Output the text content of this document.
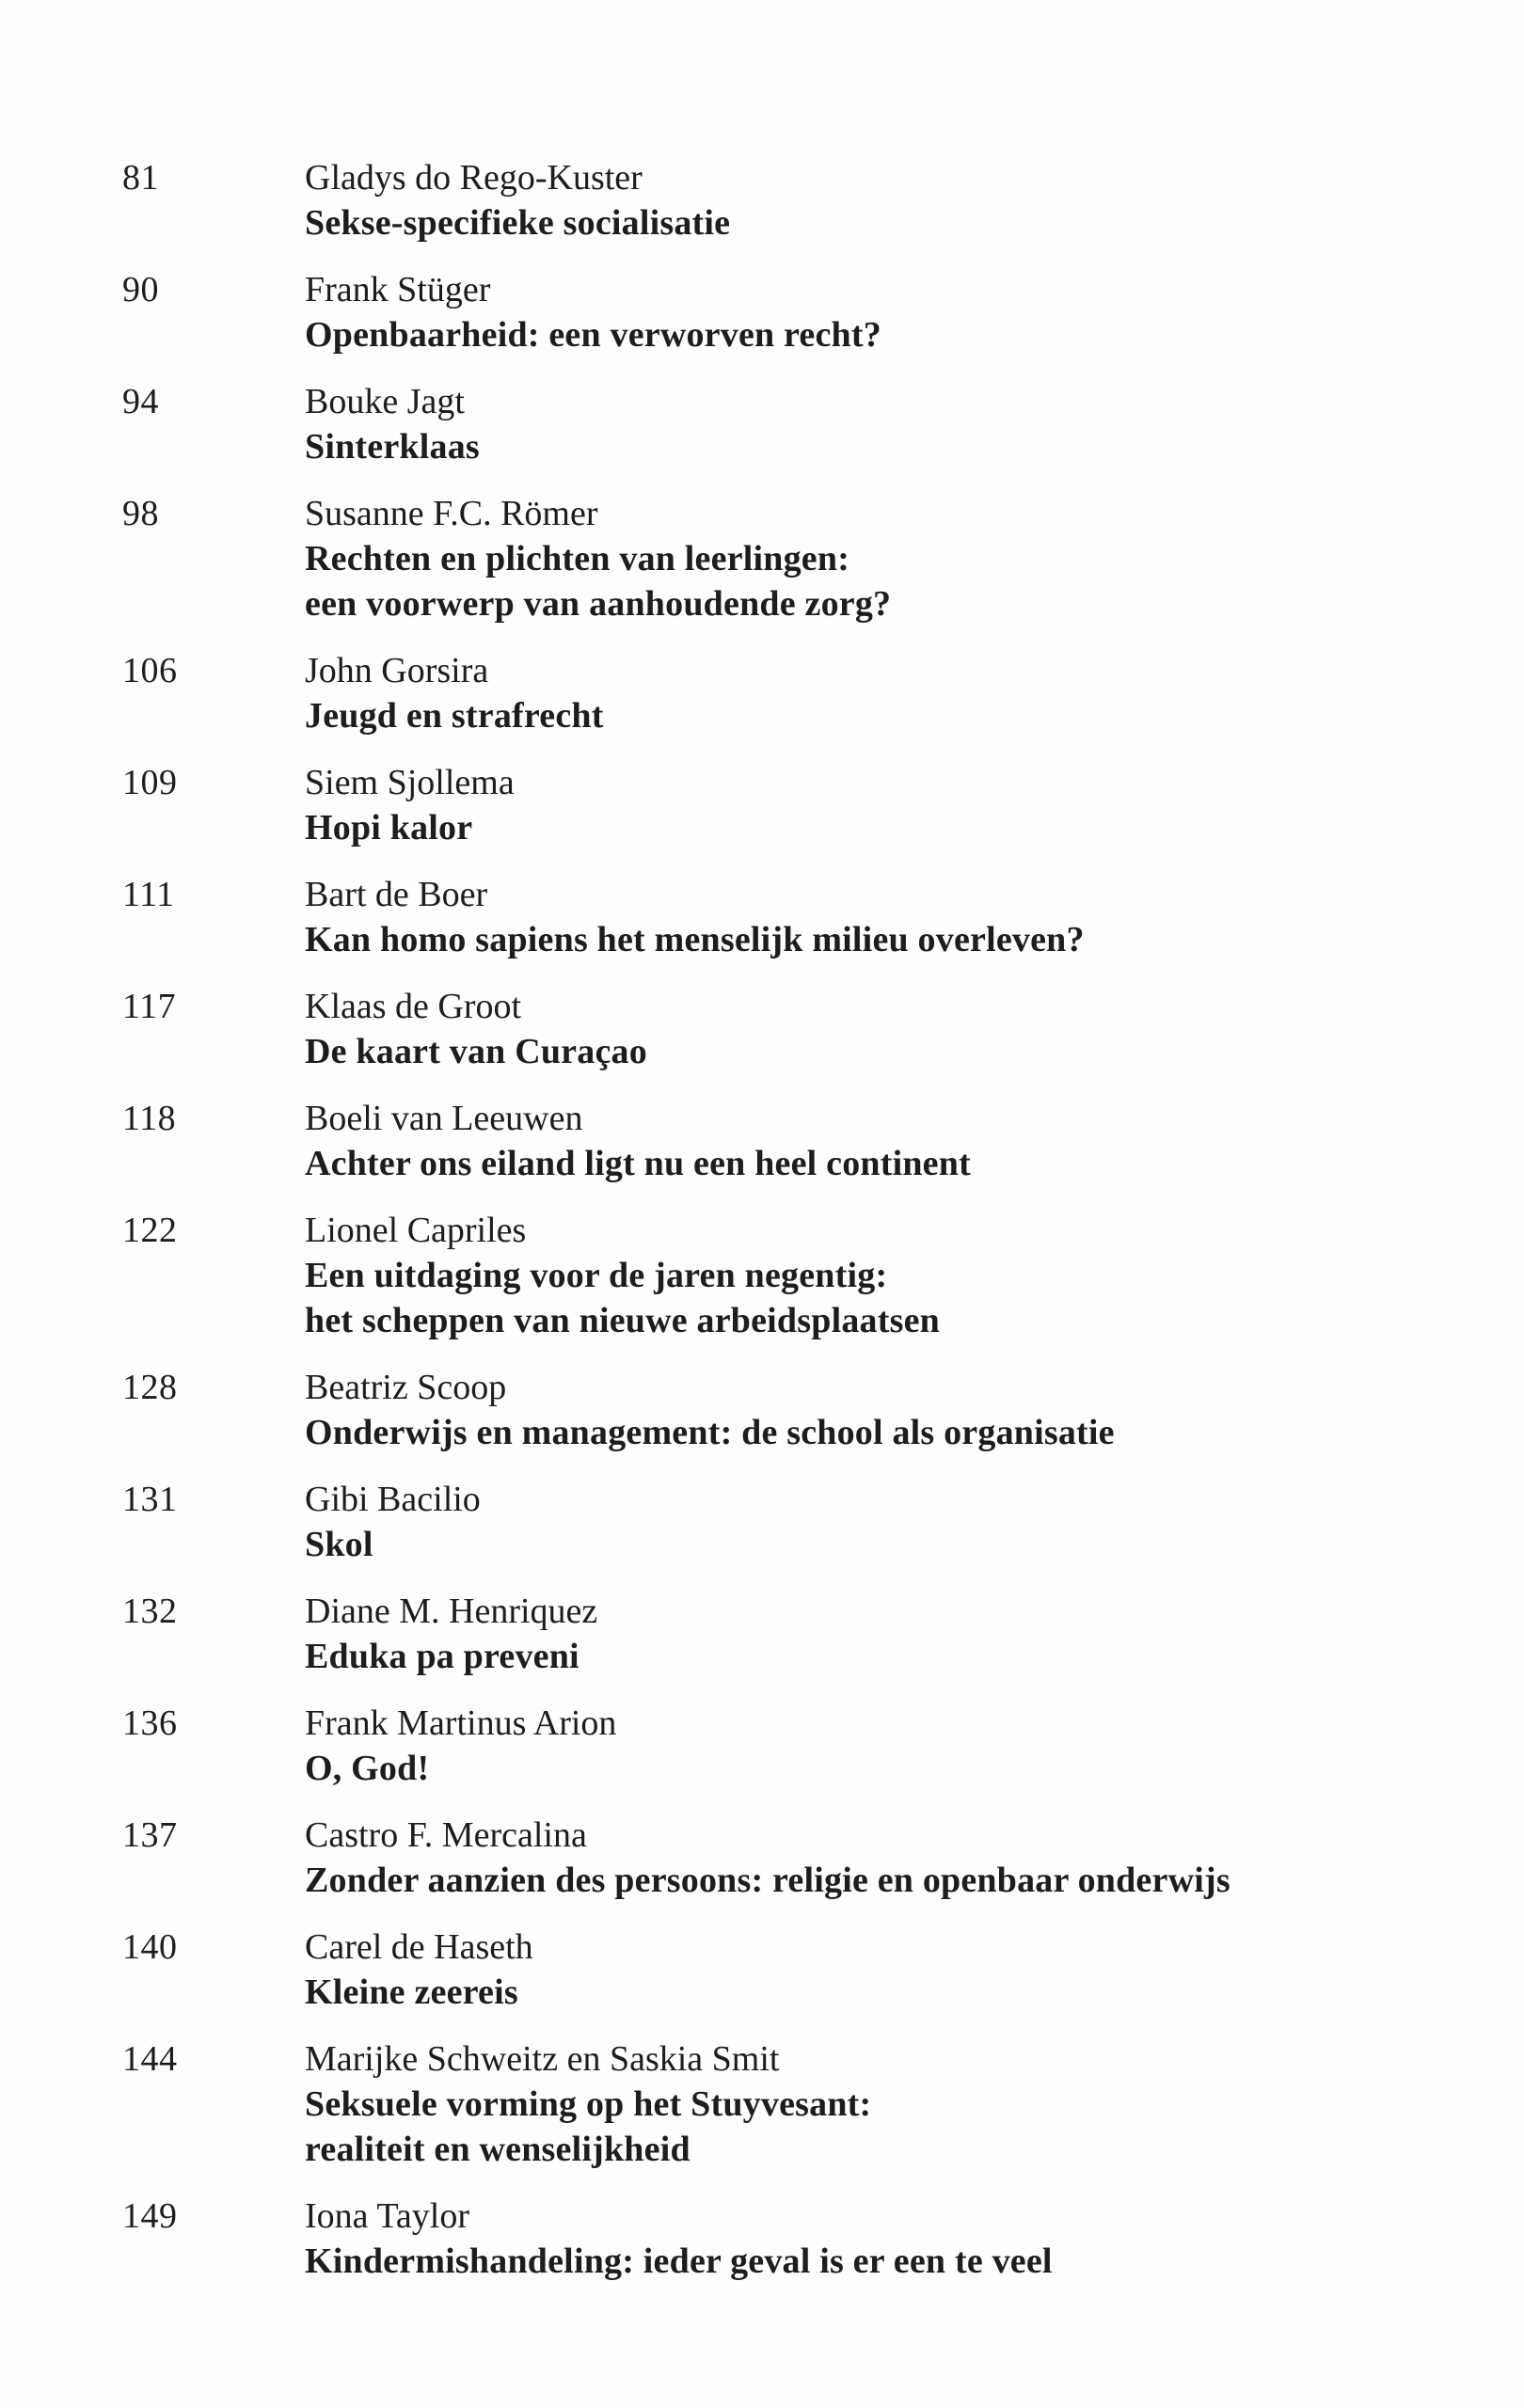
81	Gladys do Rego-Kuster
Sekse-specifieke socialisatie
90	Frank Stüger
Openbaarheid: een verworven recht?
94	Bouke Jagt
Sinterklaas
98	Susanne F.C. Römer
Rechten en plichten van leerlingen:
een voorwerp van aanhoudende zorg?
106	John Gorsira
Jeugd en strafrecht
109	Siem Sjollema
Hopi kalor
111	Bart de Boer
Kan homo sapiens het menselijk milieu overleven?
117	Klaas de Groot
De kaart van Curaçao
118	Boeli van Leeuwen
Achter ons eiland ligt nu een heel continent
122	Lionel Capriles
Een uitdaging voor de jaren negentig:
het scheppen van nieuwe arbeidsplaatsen
128	Beatriz Scoop
Onderwijs en management: de school als organisatie
131	Gibi Bacilio
Skol
132	Diane M. Henriquez
Eduka pa preveni
136	Frank Martinus Arion
O, God!
137	Castro F. Mercalina
Zonder aanzien des persoons: religie en openbaar onderwijs
140	Carel de Haseth
Kleine zeereis
144	Marijke Schweitz en Saskia Smit
Seksuele vorming op het Stuyvesant:
realiteit en wenselijkheid
149	Iona Taylor
Kindermishandeling: ieder geval is er een te veel
